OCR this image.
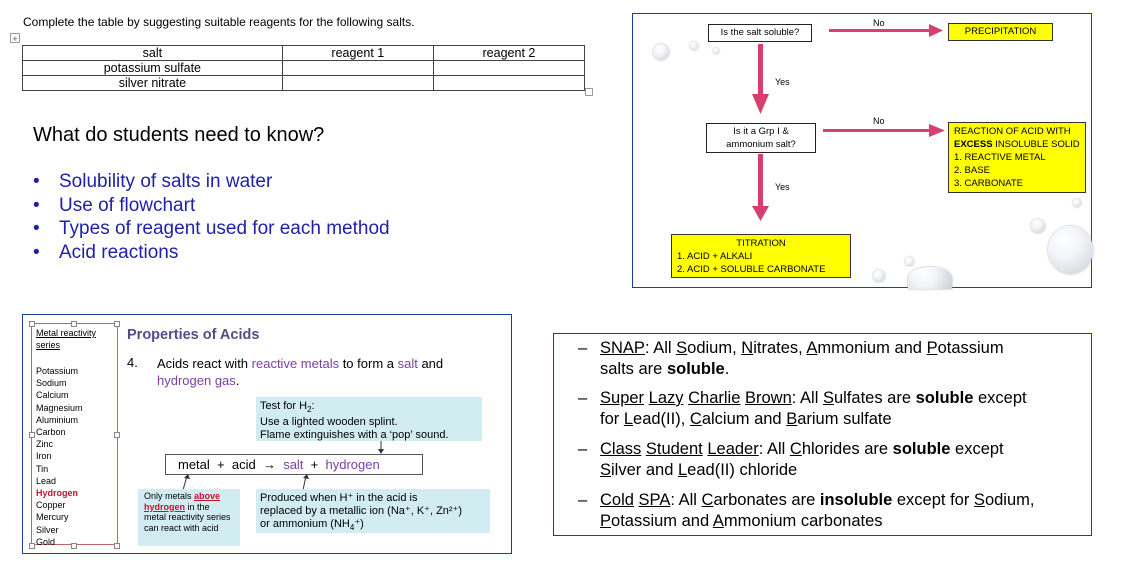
Complete the table by suggesting suitable reagents for the following salts.
+
salt	reagent 1	reagent 2
potassium sulfate		
silver nitrate		
What do students need to know?
• Solubility of salts in water
• Use of flowchart
• Types of reagent used for each method
• Acid reactions
Is the salt soluble?
No
PRECIPITATION
Yes
Is it a Grp I &
ammonium salt?
No
REACTION OF ACID WITH
EXCESS INSOLUBLE SOLID
1. REACTIVE METAL
2. BASE
3. CARBONATE
Yes
TITRATION
1. ACID + ALKALI
2. ACID + SOLUBLE CARBONATE
Metal reactivity
series
Potassium
Sodium
Calcium
Magnesium
Aluminium
Carbon
Zinc
Iron
Tin
Lead
Hydrogen
Copper
Mercury
Silver
Gold
Properties of Acids
4. Acids react with reactive metals to form a salt and
hydrogen gas.
Test for $H_2$:
Use a lighted wooden splint.
Flame extinguishes with a ‘pop’ sound.
metal + acid → salt + hydrogen
Only metals above
hydrogen in the metal reactivity series can react with acid
Produced when H⁺ in the acid is
replaced by a metallic ion (Na⁺, K⁺, Zn²⁺)
or ammonium $(NH_4^+)$
– SNAP: All Sodium, Nitrates, Ammonium and Potassium
salts are soluble.
– Super Lazy Charlie Brown: All Sulfates are soluble except
for Lead(II), Calcium and Barium sulfate
– Class Student Leader: All Chlorides are soluble except
Silver and Lead(II) chloride
– Cold SPA: All Carbonates are insoluble except for Sodium,
Potassium and Ammonium carbonates
